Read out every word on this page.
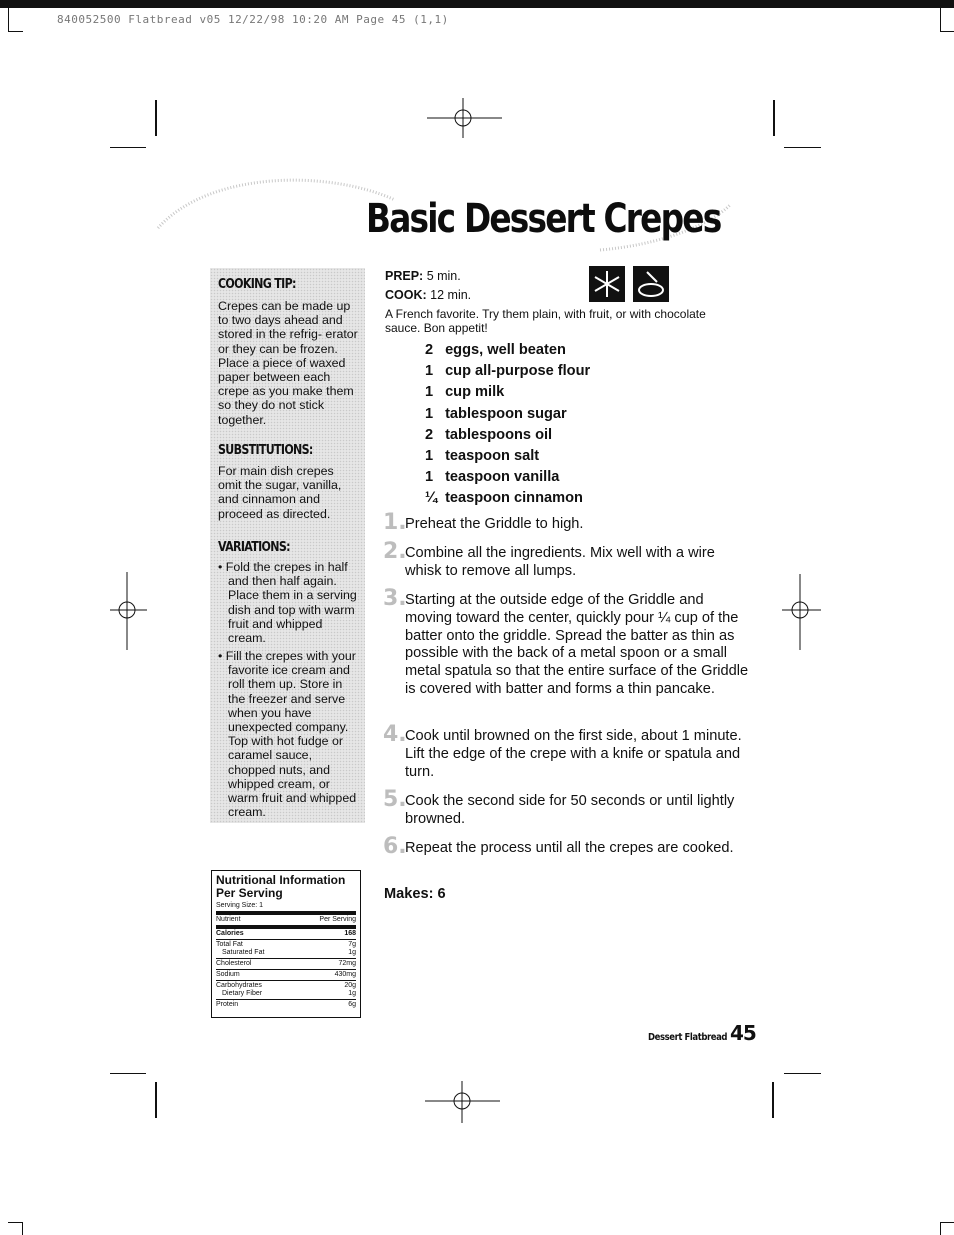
840052500 Flatbread v05 12/22/98 10:20 AM Page 45 (1,1)
Basic Dessert Crepes
COOKING TIP:
Crepes can be made up to two days ahead and stored in the refrig- erator or they can be frozen. Place a piece of waxed paper between each crepe as you make them so they do not stick together.
SUBSTITUTIONS:
For main dish crepes omit the sugar, vanilla, and cinnamon and proceed as directed.
VARIATIONS:
• Fold the crepes in half and then half again. Place them in a serving dish and top with warm fruit and whipped cream.
• Fill the crepes with your favorite ice cream and roll them up. Store in the freezer and serve when you have unexpected company. Top with hot fudge or caramel sauce, chopped nuts, and whipped cream, or warm fruit and whipped cream.
PREP: 5 min.
COOK: 12 min.
A French favorite. Try them plain, with fruit, or with chocolate sauce. Bon appetit!
2 eggs, well beaten
1 cup all-purpose flour
1 cup milk
1 tablespoon sugar
2 tablespoons oil
1 teaspoon salt
1 teaspoon vanilla
¼ teaspoon cinnamon
1.
Preheat the Griddle to high.
2.
Combine all the ingredients. Mix well with a wire whisk to remove all lumps.
3.
Starting at the outside edge of the Griddle and moving toward the center, quickly pour ¼ cup of the batter onto the griddle. Spread the batter as thin as possible with the back of a metal spoon or a small metal spatula so that the entire surface of the Griddle is covered with batter and forms a thin pancake.
4.
Cook until browned on the first side, about 1 minute. Lift the edge of the crepe with a knife or spatula and turn.
5.
Cook the second side for 50 seconds or until lightly browned.
6.
Repeat the process until all the crepes are cooked.
Makes: 6
Nutritional Information Per Serving
Serving Size: 1
Nutrient	Per Serving
Calories	168
Total Fat	7g
Saturated Fat	1g
Cholesterol	72mg
Sodium	430mg
Carbohydrates	20g
Dietary Fiber	1g
Protein	6g
Dessert Flatbread 45
